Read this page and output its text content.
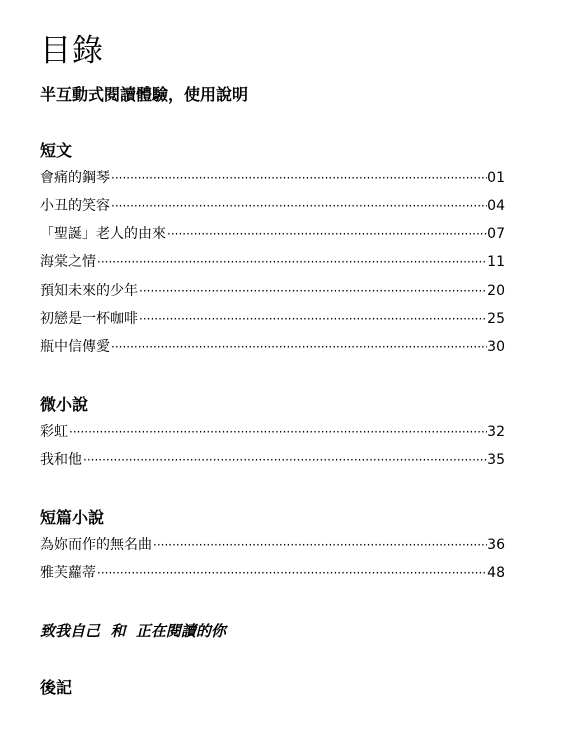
目錄
半互動式閱讀體驗，使用說明
短文
會痛的鋼琴 ·····	01
小丑的笑容 ·····	04
「聖誕」老人的由來 ·····	07
海棠之情 ·····	11
預知未來的少年 ·····	20
初戀是一杯咖啡 ·····	25
瓶中信傳愛 ·····	30
微小說
彩虹 ·····	32
我和他 ·····	35
短篇小說
為妳而作的無名曲 ·····	36
雅芙蘿蒂 ·····	48
致我自己  和  正在閱讀的你
後記
